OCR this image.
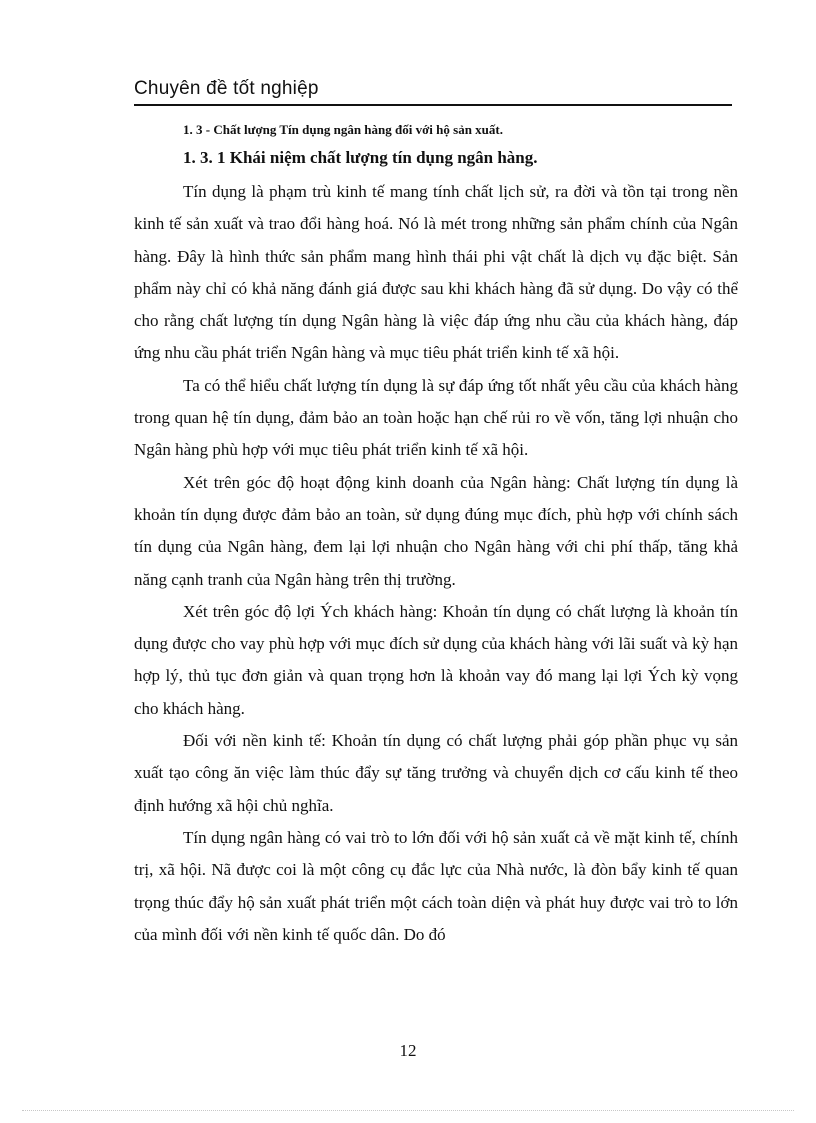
Chuyên đề tốt nghiệp
1. 3 - Chất lượng Tín dụng ngân hàng đối với hộ sản xuất.
1. 3. 1 Khái niệm chất lượng tín dụng ngân hàng.

Tín dụng là phạm trù kinh tế mang tính chất lịch sử, ra đời và tồn tại trong nền kinh tế sản xuất và trao đổi hàng hoá. Nó là mét trong những sản phẩm chính của Ngân hàng. Đây là hình thức sản phẩm mang hình thái phi vật chất là dịch vụ đặc biệt. Sản phẩm này chỉ có khả năng đánh giá được sau khi khách hàng đã sử dụng. Do vậy có thể cho rằng chất lượng tín dụng Ngân hàng là việc đáp ứng nhu cầu của khách hàng, đáp ứng nhu cầu phát triển Ngân hàng và mục tiêu phát triển kinh tế xã hội.

Ta có thể hiểu chất lượng tín dụng là sự đáp ứng tốt nhất yêu cầu của khách hàng trong quan hệ tín dụng, đảm bảo an toàn hoặc hạn chế rủi ro về vốn, tăng lợi nhuận cho Ngân hàng phù hợp với mục tiêu phát triển kinh tế xã hội.

Xét trên góc độ hoạt động kinh doanh của Ngân hàng: Chất lượng tín dụng là khoản tín dụng được đảm bảo an toàn, sử dụng đúng mục đích, phù hợp với chính sách tín dụng của Ngân hàng, đem lại lợi nhuận cho Ngân hàng với chi phí thấp, tăng khả năng cạnh tranh của Ngân hàng trên thị trường.

Xét trên góc độ lợi Ých khách hàng: Khoản tín dụng có chất lượng là khoản tín dụng được cho vay phù hợp với mục đích sử dụng của khách hàng với lãi suất và kỳ hạn hợp lý, thủ tục đơn giản và quan trọng hơn là khoản vay đó mang lại lợi Ých kỳ vọng cho khách hàng.

Đối với nền kinh tế: Khoản tín dụng có chất lượng phải góp phần phục vụ sản xuất tạo công ăn việc làm thúc đẩy sự tăng trưởng và chuyển dịch cơ cấu kinh tế theo định hướng xã hội chủ nghĩa.

Tín dụng ngân hàng có vai trò to lớn đối với hộ sản xuất cả về mặt kinh tế, chính trị, xã hội. Nã được coi là một công cụ đắc lực của Nhà nước, là đòn bẩy kinh tế quan trọng thúc đẩy hộ sản xuất phát triển một cách toàn diện và phát huy được vai trò to lớn của mình đối với nền kinh tế quốc dân. Do đó

12
